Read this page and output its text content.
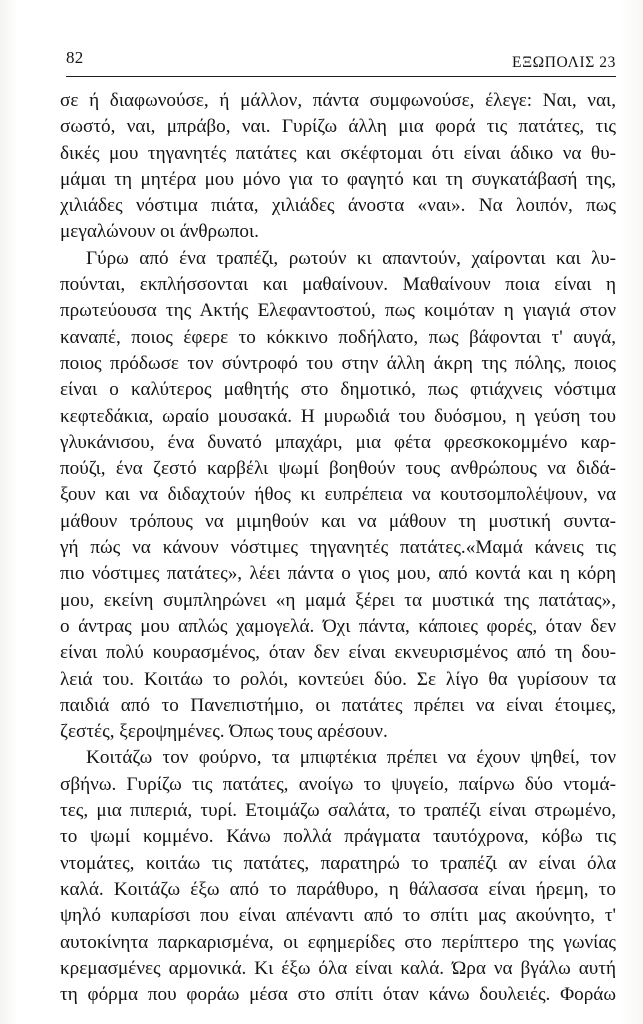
82	ΕΞΩΠΟΛΙΣ 23
σε ή διαφωνούσε, ή μάλλον, πάντα συμφωνούσε, έλεγε: Ναι, ναι,
σωστό, ναι, μπράβο, ναι. Γυρίζω άλλη μια φορά τις πατάτες, τις
δικές μου τηγανητές πατάτες και σκέφτομαι ότι είναι άδικο να θυ-
μάμαι τη μητέρα μου μόνο για το φαγητό και τη συγκατάβασή της,
χιλιάδες νόστιμα πιάτα, χιλιάδες άνοστα «ναι». Να λοιπόν, πως
μεγαλώνουν οι άνθρωποι.
Γύρω από ένα τραπέζι, ρωτούν κι απαντούν, χαίρονται και λυ-
πούνται, εκπλήσσονται και μαθαίνουν. Μαθαίνουν ποια είναι η
πρωτεύουσα της Ακτής Ελεφαντοστού, πως κοιμόταν η γιαγιά στον
καναπέ, ποιος έφερε το κόκκινο ποδήλατο, πως βάφονται τ' αυγά,
ποιος πρόδωσε τον σύντροφό του στην άλλη άκρη της πόλης, ποιος
είναι ο καλύτερος μαθητής στο δημοτικό, πως φτιάχνεις νόστιμα
κεφτεδάκια, ωραίο μουσακά. Η μυρωδιά του δυόσμου, η γεύση του
γλυκάνισου, ένα δυνατό μπαχάρι, μια φέτα φρεσκοκομμένο καρ-
πούζι, ένα ζεστό καρβέλι ψωμί βοηθούν τους ανθρώπους να διδά-
ξουν και να διδαχτούν ήθος κι ευπρέπεια να κουτσομπολέψουν, να
μάθουν τρόπους να μιμηθούν και να μάθουν τη μυστική συντα-
γή πώς να κάνουν νόστιμες τηγανητές πατάτες.«Μαμά κάνεις τις
πιο νόστιμες πατάτες», λέει πάντα ο γιος μου, από κοντά και η κόρη
μου, εκείνη συμπληρώνει «η μαμά ξέρει τα μυστικά της πατάτας»,
ο άντρας μου απλώς χαμογελά. Όχι πάντα, κάποιες φορές, όταν δεν
είναι πολύ κουρασμένος, όταν δεν είναι εκνευρισμένος από τη δου-
λειά του. Κοιτάω το ρολόι, κοντεύει δύο. Σε λίγο θα γυρίσουν τα
παιδιά από το Πανεπιστήμιο, οι πατάτες πρέπει να είναι έτοιμες,
ζεστές, ξεροψημένες. Όπως τους αρέσουν.
Κοιτάζω τον φούρνο, τα μπιφτέκια πρέπει να έχουν ψηθεί, τον
σβήνω. Γυρίζω τις πατάτες, ανοίγω το ψυγείο, παίρνω δύο ντομά-
τες, μια πιπεριά, τυρί. Ετοιμάζω σαλάτα, το τραπέζι είναι στρωμένο,
το ψωμί κομμένο. Κάνω πολλά πράγματα ταυτόχρονα, κόβω τις
ντομάτες, κοιτάω τις πατάτες, παρατηρώ το τραπέζι αν είναι όλα
καλά. Κοιτάζω έξω από το παράθυρο, η θάλασσα είναι ήρεμη, το
ψηλό κυπαρίσσι που είναι απέναντι από το σπίτι μας ακούνητο, τ'
αυτοκίνητα παρκαρισμένα, οι εφημερίδες στο περίπτερο της γωνίας
κρεμασμένες αρμονικά. Κι έξω όλα είναι καλά. Ώρα να βγάλω αυτή
τη φόρμα που φοράω μέσα στο σπίτι όταν κάνω δουλειές. Φοράω
